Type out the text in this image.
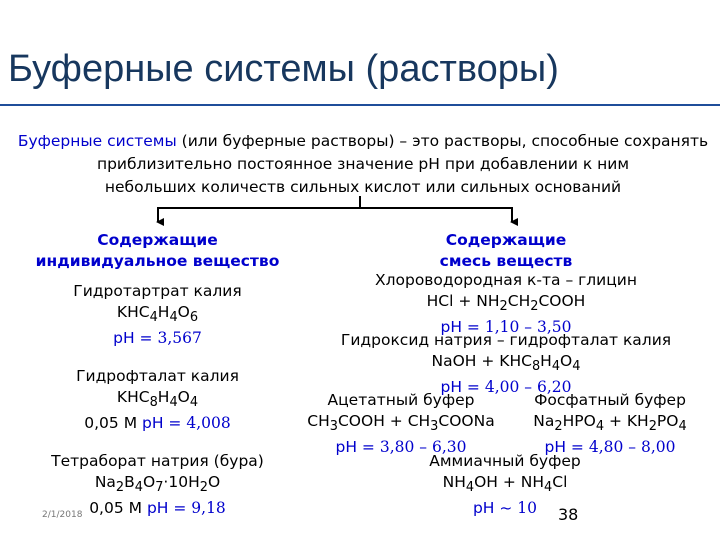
Буферные системы (растворы)
Буферные системы (или буферные растворы) – это растворы, способные сохранять
приблизительно постоянное значение рН при добавлении к ним
небольших количеств сильных кислот или сильных оснований
Содержащие
индивидуальное вещество
Гидротартрат калия
$KHC_4H_4O_6$
рН = 3,567
Гидрофталат калия
$KHC_8H_4O_4$
0,05 М рН = 4,008
Тетраборат натрия (бура)
$Na_2B_4O_7\cdot 10H_2O$
0,05 М рН = 9,18
Содержащие
смесь веществ
Хлороводородная к-та – глицин
HCl + $NH_2CH_2COOH$
рН = 1,10 – 3,50
Гидроксид натрия – гидрофталат калия
NaOH + $KHC_8H_4O_4$
рН = 4,00 – 6,20
Ацетатный буфер
$CH_3COOH$ + $CH_3COONa$
рН = 3,80 – 6,30
Фосфатный буфер
$Na_2HPO_4 + KH_2PO_4$
рН = 4,80 – 8,00
Аммиачный буфер
$NH_4OH + NH_4Cl$
рН ~ 10
2/1/2018	38
